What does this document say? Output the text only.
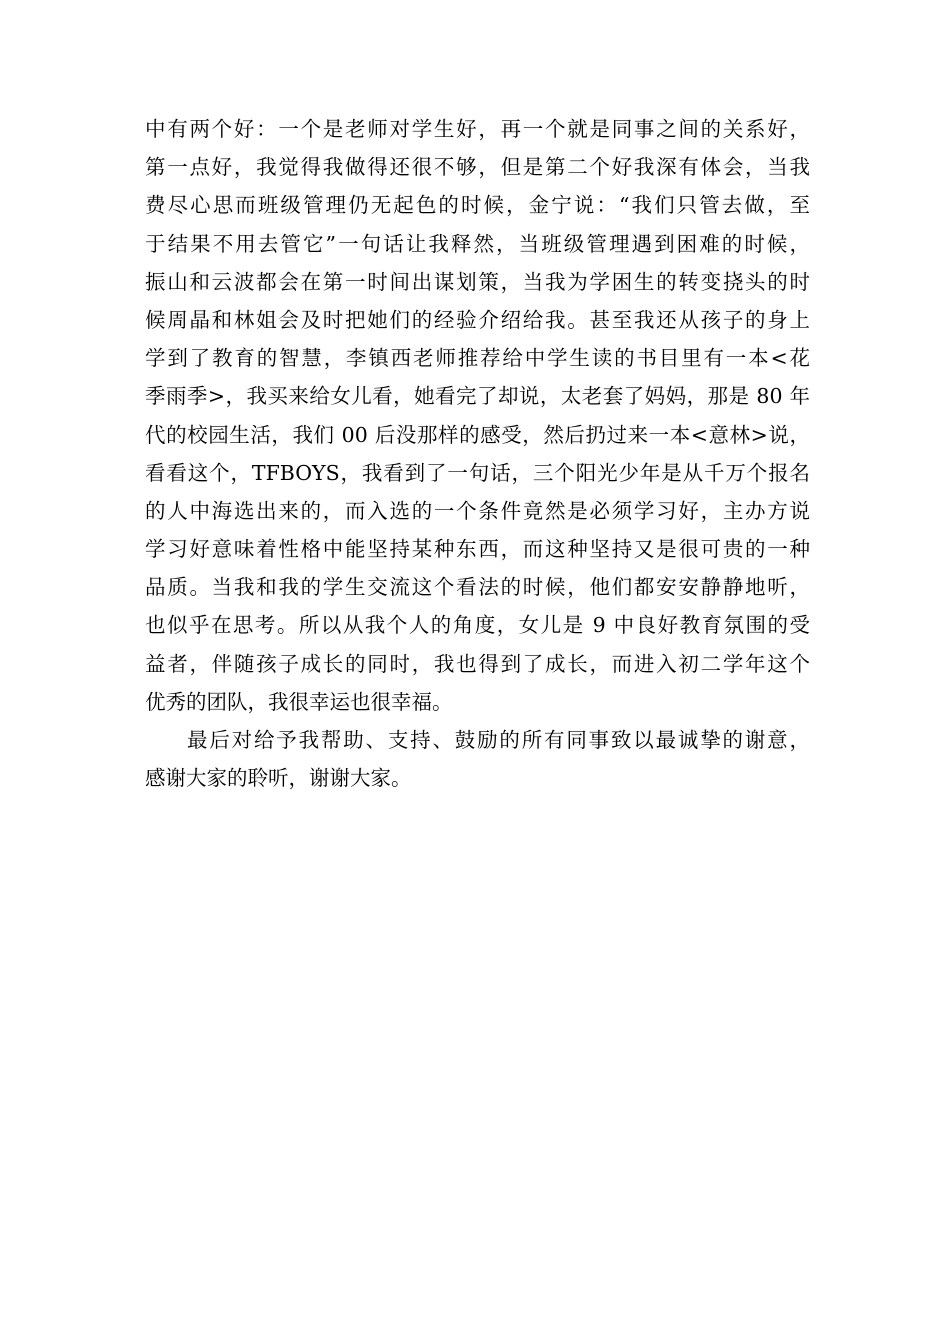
中有两个好：一个是老师对学生好，再一个就是同事之间的关系好，
第一点好，我觉得我做得还很不够，但是第二个好我深有体会，当我
费尽心思而班级管理仍无起色的时候，金宁说：“我们只管去做，至
于结果不用去管它”一句话让我释然，当班级管理遇到困难的时候，
振山和云波都会在第一时间出谋划策，当我为学困生的转变挠头的时
候周晶和林姐会及时把她们的经验介绍给我。甚至我还从孩子的身上
学到了教育的智慧，李镇西老师推荐给中学生读的书目里有一本<花
季雨季>，我买来给女儿看，她看完了却说，太老套了妈妈，那是 80 年
代的校园生活，我们 00 后没那样的感受，然后扔过来一本<意林>说，
看看这个，TFBOYS，我看到了一句话，三个阳光少年是从千万个报名
的人中海选出来的，而入选的一个条件竟然是必须学习好，主办方说
学习好意味着性格中能坚持某种东西，而这种坚持又是很可贵的一种
品质。当我和我的学生交流这个看法的时候，他们都安安静静地听，
也似乎在思考。所以从我个人的角度，女儿是 9 中良好教育氛围的受
益者，伴随孩子成长的同时，我也得到了成长，而进入初二学年这个
优秀的团队，我很幸运也很幸福。
最后对给予我帮助、支持、鼓励的所有同事致以最诚挚的谢意，
感谢大家的聆听，谢谢大家。
